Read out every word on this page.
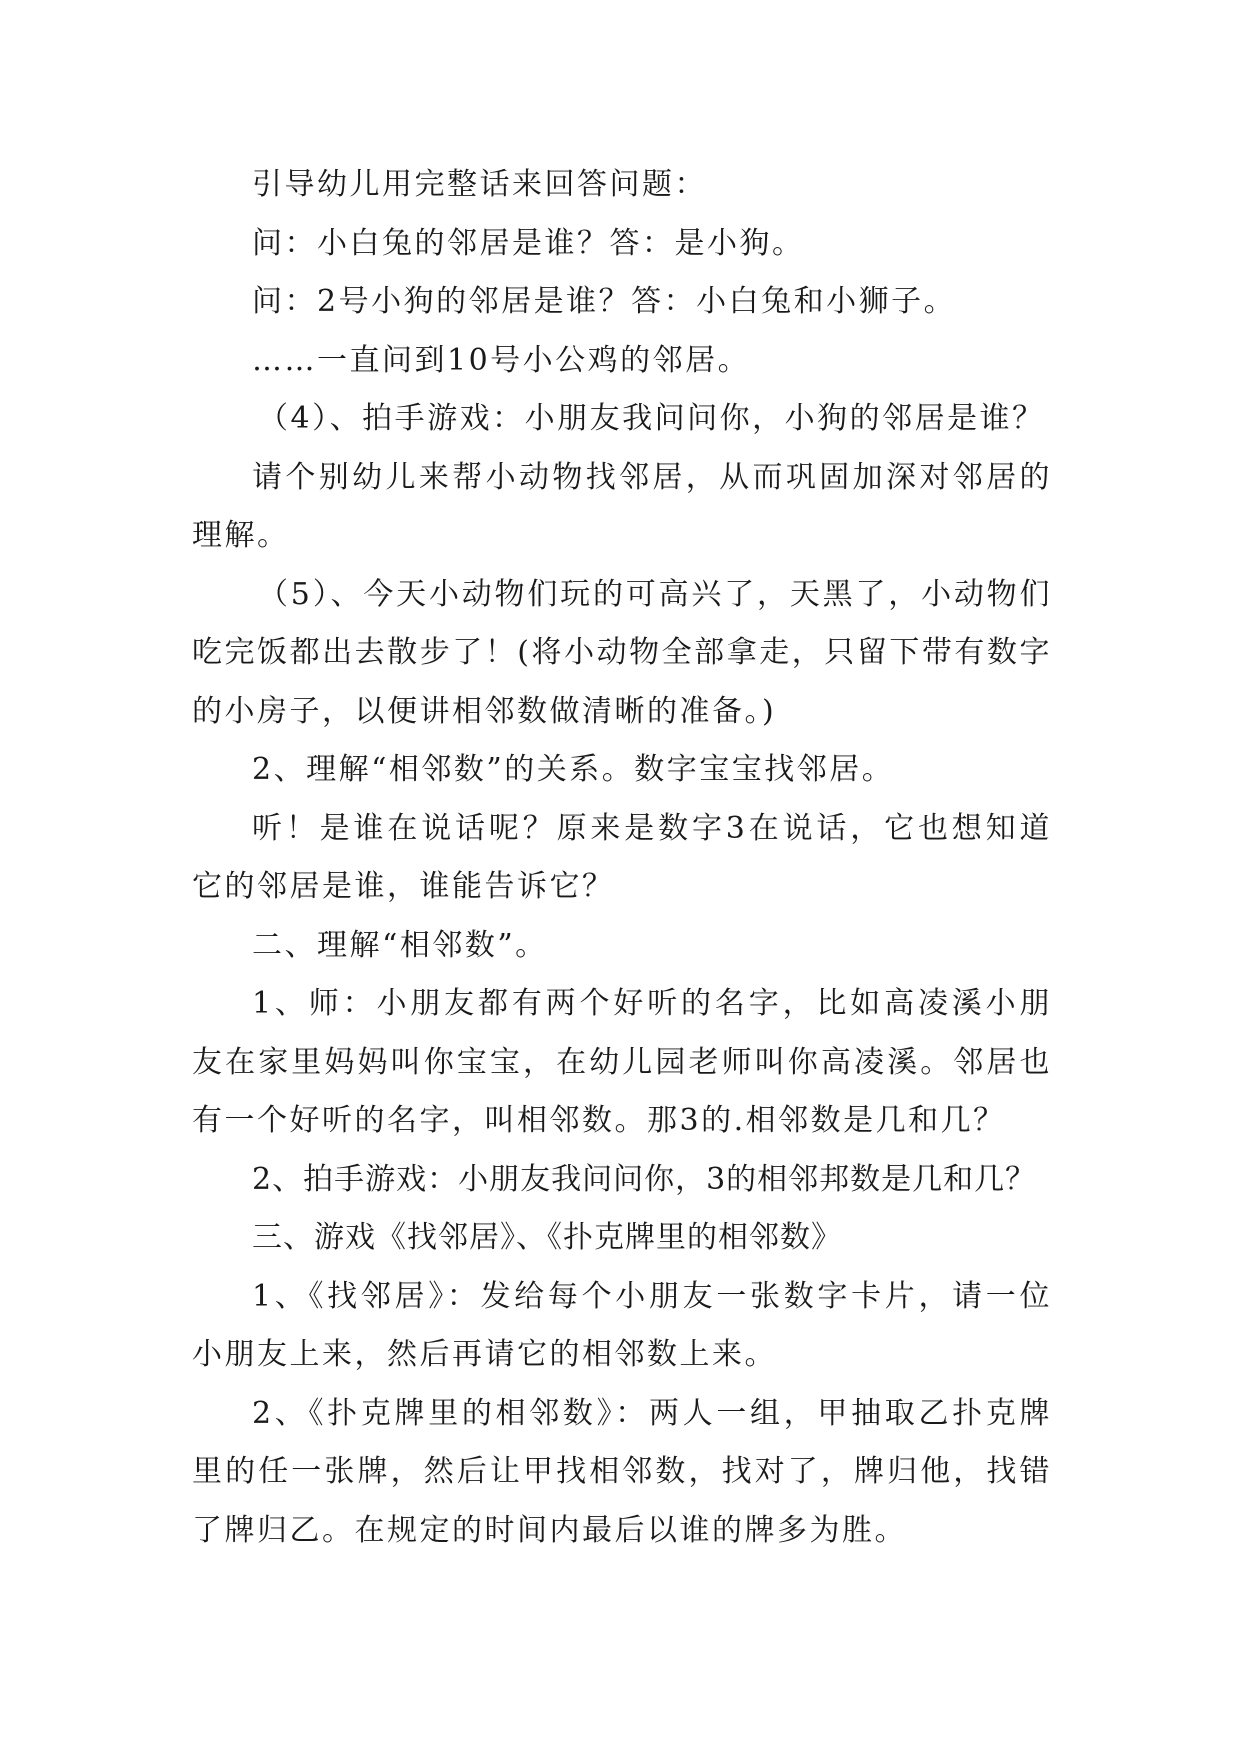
引导幼儿用完整话来回答问题：

问：小白兔的邻居是谁？答：是小狗。

问：2号小狗的邻居是谁？答：小白兔和小狮子。

……一直问到10号小公鸡的邻居。

（4）、拍手游戏：小朋友我问问你，小狗的邻居是谁？

请个别幼儿来帮小动物找邻居，从而巩固加深对邻居的理解。

（5）、今天小动物们玩的可高兴了，天黑了，小动物们吃完饭都出去散步了！(将小动物全部拿走，只留下带有数字的小房子，以便讲相邻数做清晰的准备。)

2、理解“相邻数”的关系。数字宝宝找邻居。

听！是谁在说话呢？原来是数字3在说话，它也想知道它的邻居是谁，谁能告诉它？

二、理解“相邻数”。

1、师：小朋友都有两个好听的名字，比如高凌溪小朋友在家里妈妈叫你宝宝，在幼儿园老师叫你高凌溪。邻居也有一个好听的名字，叫相邻数。那3的.相邻数是几和几？

2、拍手游戏：小朋友我问问你，3的相邻邦数是几和几？

三、游戏《找邻居》、《扑克牌里的相邻数》

1、《找邻居》：发给每个小朋友一张数字卡片，请一位小朋友上来，然后再请它的相邻数上来。

2、《扑克牌里的相邻数》：两人一组，甲抽取乙扑克牌里的任一张牌，然后让甲找相邻数，找对了，牌归他，找错了牌归乙。在规定的时间内最后以谁的牌多为胜。
